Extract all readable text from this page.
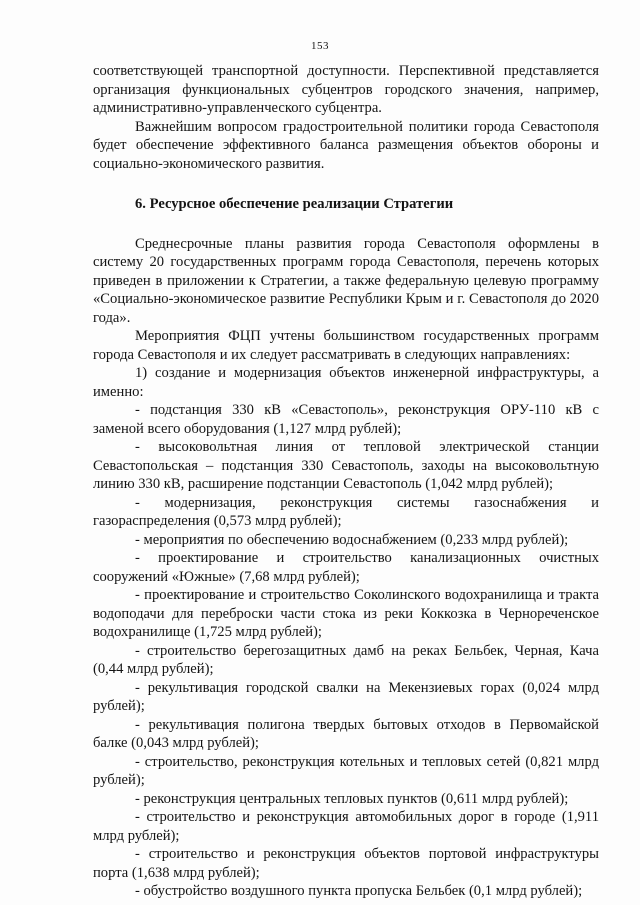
153

соответствующей транспортной доступности. Перспективной представляется организация функциональных субцентров городского значения, например, административно-управленческого субцентра.

Важнейшим вопросом градостроительной политики города Севастополя будет обеспечение эффективного баланса размещения объектов обороны и социально-экономического развития.

6. Ресурсное обеспечение реализации Стратегии

Среднесрочные планы развития города Севастополя оформлены в систему 20 государственных программ города Севастополя, перечень которых приведен в приложении к Стратегии, а также федеральную целевую программу «Социально-экономическое развитие Республики Крым и г. Севастополя до 2020 года».

Мероприятия ФЦП учтены большинством государственных программ города Севастополя и их следует рассматривать в следующих направлениях:

1) создание и модернизация объектов инженерной инфраструктуры, а именно:

- подстанция 330 кВ «Севастополь», реконструкция ОРУ-110 кВ с заменой всего оборудования (1,127 млрд рублей);

- высоковольтная линия от тепловой электрической станции Севастопольская – подстанция 330 Севастополь, заходы на высоковольтную линию 330 кВ, расширение подстанции Севастополь (1,042 млрд рублей);

- модернизация, реконструкция системы газоснабжения и газораспределения (0,573 млрд рублей);

- мероприятия по обеспечению водоснабжением (0,233 млрд рублей);

- проектирование и строительство канализационных очистных сооружений «Южные» (7,68 млрд рублей);

- проектирование и строительство Соколинского водохранилища и тракта водоподачи для переброски части стока из реки Коккозка в Чернореченское водохранилище (1,725 млрд рублей);

- строительство берегозащитных дамб на реках Бельбек, Черная, Кача (0,44 млрд рублей);

- рекультивация городской свалки на Мекензиевых горах (0,024 млрд рублей);

- рекультивация полигона твердых бытовых отходов в Первомайской балке (0,043 млрд рублей);

- строительство, реконструкция котельных и тепловых сетей (0,821 млрд рублей);

- реконструкция центральных тепловых пунктов (0,611 млрд рублей);

- строительство и реконструкция автомобильных дорог в городе (1,911 млрд рублей);

- строительство и реконструкция объектов портовой инфраструктуры порта (1,638 млрд рублей);

- обустройство воздушного пункта пропуска Бельбек (0,1 млрд рублей);
